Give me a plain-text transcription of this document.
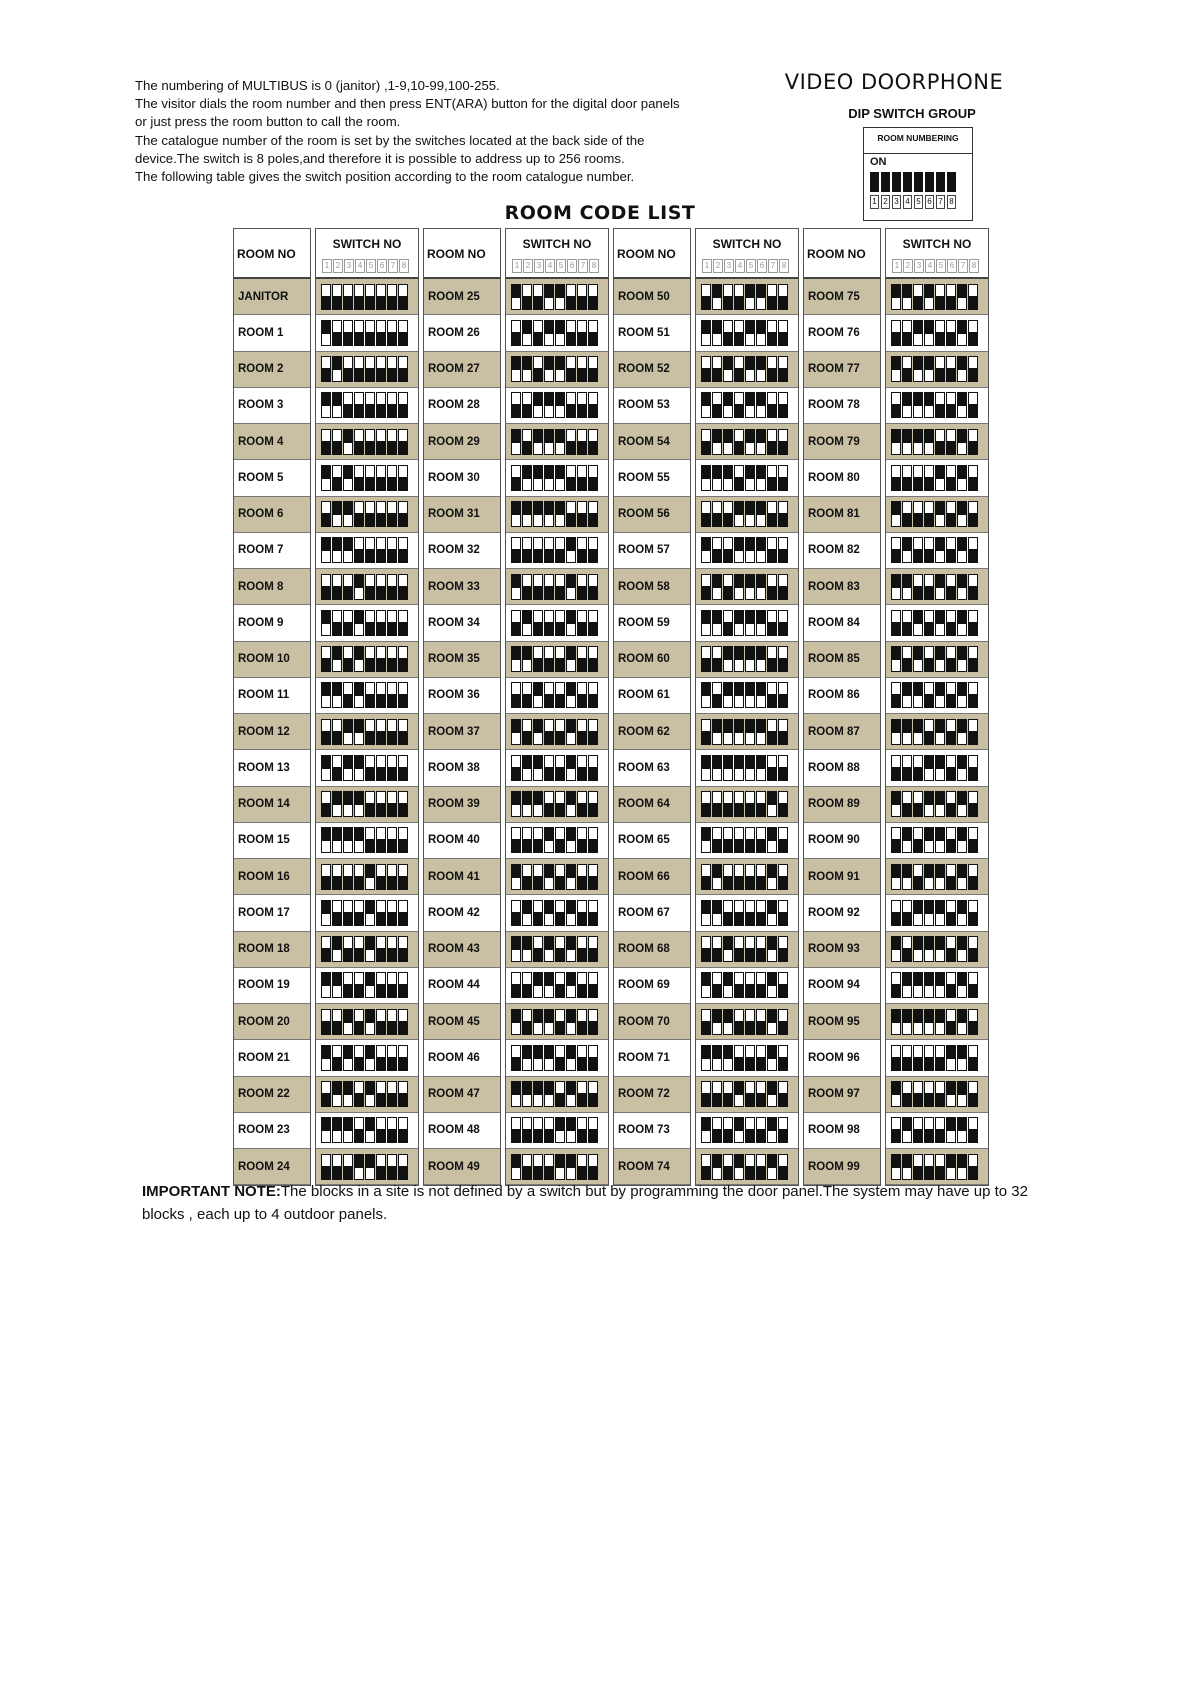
The numbering of MULTIBUS is 0 (janitor) ,1-9,10-99,100-255.

The visitor dials the room number and then press ENT(ARA) button for the digital door panels

or just press the room button to call the room.

The catalogue number of the room is set by the switches located at the back side of the

device.The switch is 8 poles,and therefore it is possible to address up to 256 rooms.

The following table gives the switch position according to the room catalogue number.

VIDEO DOORPHONE
DIP SWITCH GROUP
ROOM NUMBERING
ON
1 2 3 4 5 6 7 8
ROOM CODE LIST
ROOM NO
JANITOR
ROOM 1
ROOM 2
ROOM 3
ROOM 4
ROOM 5
ROOM 6
ROOM 7
ROOM 8
ROOM 9
ROOM 10
ROOM 11
ROOM 12
ROOM 13
ROOM 14
ROOM 15
ROOM 16
ROOM 17
ROOM 18
ROOM 19
ROOM 20
ROOM 21
ROOM 22
ROOM 23
ROOM 24
SWITCH NO
1 2 3 4 5 6 7 8
ROOM NO
ROOM 25
ROOM 26
ROOM 27
ROOM 28
ROOM 29
ROOM 30
ROOM 31
ROOM 32
ROOM 33
ROOM 34
ROOM 35
ROOM 36
ROOM 37
ROOM 38
ROOM 39
ROOM 40
ROOM 41
ROOM 42
ROOM 43
ROOM 44
ROOM 45
ROOM 46
ROOM 47
ROOM 48
ROOM 49
SWITCH NO
1 2 3 4 5 6 7 8
ROOM NO
ROOM 50
ROOM 51
ROOM 52
ROOM 53
ROOM 54
ROOM 55
ROOM 56
ROOM 57
ROOM 58
ROOM 59
ROOM 60
ROOM 61
ROOM 62
ROOM 63
ROOM 64
ROOM 65
ROOM 66
ROOM 67
ROOM 68
ROOM 69
ROOM 70
ROOM 71
ROOM 72
ROOM 73
ROOM 74
SWITCH NO
1 2 3 4 5 6 7 8
ROOM NO
ROOM 75
ROOM 76
ROOM 77
ROOM 78
ROOM 79
ROOM 80
ROOM 81
ROOM 82
ROOM 83
ROOM 84
ROOM 85
ROOM 86
ROOM 87
ROOM 88
ROOM 89
ROOM 90
ROOM 91
ROOM 92
ROOM 93
ROOM 94
ROOM 95
ROOM 96
ROOM 97
ROOM 98
ROOM 99
SWITCH NO
1 2 3 4 5 6 7 8
IMPORTANT NOTE:The blocks in a site is not defined by a switch but by programming the door panel.The system may have up to 32 blocks , each up to 4 outdoor panels.
